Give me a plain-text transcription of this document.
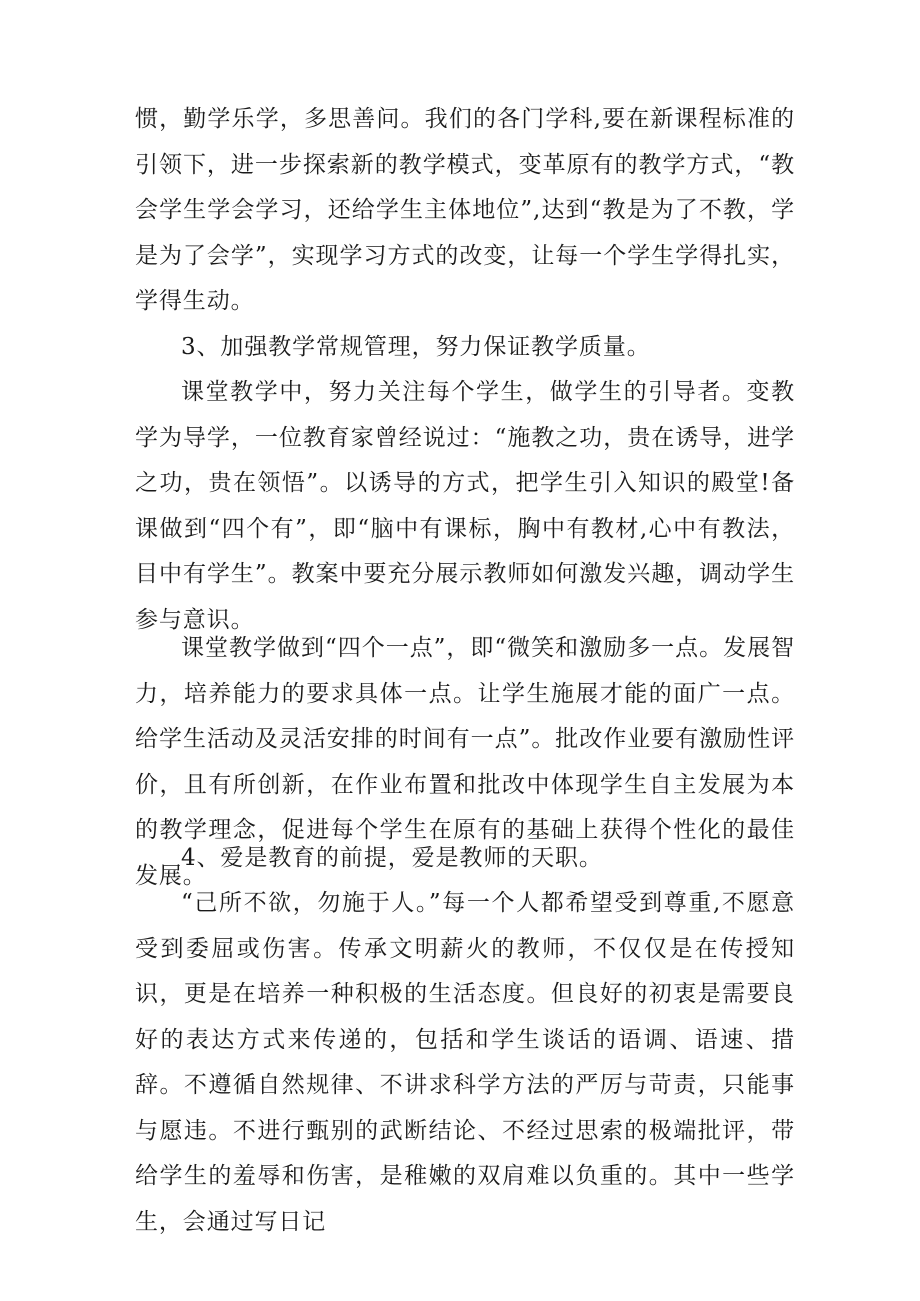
惯，勤学乐学，多思善问。我们的各门学科,要在新课程标准的引领下，进一步探索新的教学模式，变革原有的教学方式，“教会学生学会学习，还给学生主体地位”,达到“教是为了不教，学是为了会学”，实现学习方式的改变，让每一个学生学得扎实，学得生动。

3、加强教学常规管理，努力保证教学质量。

课堂教学中，努力关注每个学生，做学生的引导者。变教学为导学，一位教育家曾经说过：“施教之功，贵在诱导，进学之功，贵在领悟”。以诱导的方式，把学生引入知识的殿堂!备课做到“四个有”，即“脑中有课标，胸中有教材,心中有教法，目中有学生”。教案中要充分展示教师如何激发兴趣，调动学生参与意识。

课堂教学做到“四个一点”，即“微笑和激励多一点。发展智力，培养能力的要求具体一点。让学生施展才能的面广一点。给学生活动及灵活安排的时间有一点”。批改作业要有激励性评价，且有所创新，在作业布置和批改中体现学生自主发展为本的教学理念，促进每个学生在原有的基础上获得个性化的最佳发展。

4、爱是教育的前提，爱是教师的天职。

“己所不欲，勿施于人。”每一个人都希望受到尊重,不愿意受到委屈或伤害。传承文明薪火的教师，不仅仅是在传授知识，更是在培养一种积极的生活态度。但良好的初衷是需要良好的表达方式来传递的，包括和学生谈话的语调、语速、措辞。不遵循自然规律、不讲求科学方法的严厉与苛责，只能事与愿违。不进行甄别的武断结论、不经过思索的极端批评，带给学生的羞辱和伤害，是稚嫩的双肩难以负重的。其中一些学生，会通过写日记
